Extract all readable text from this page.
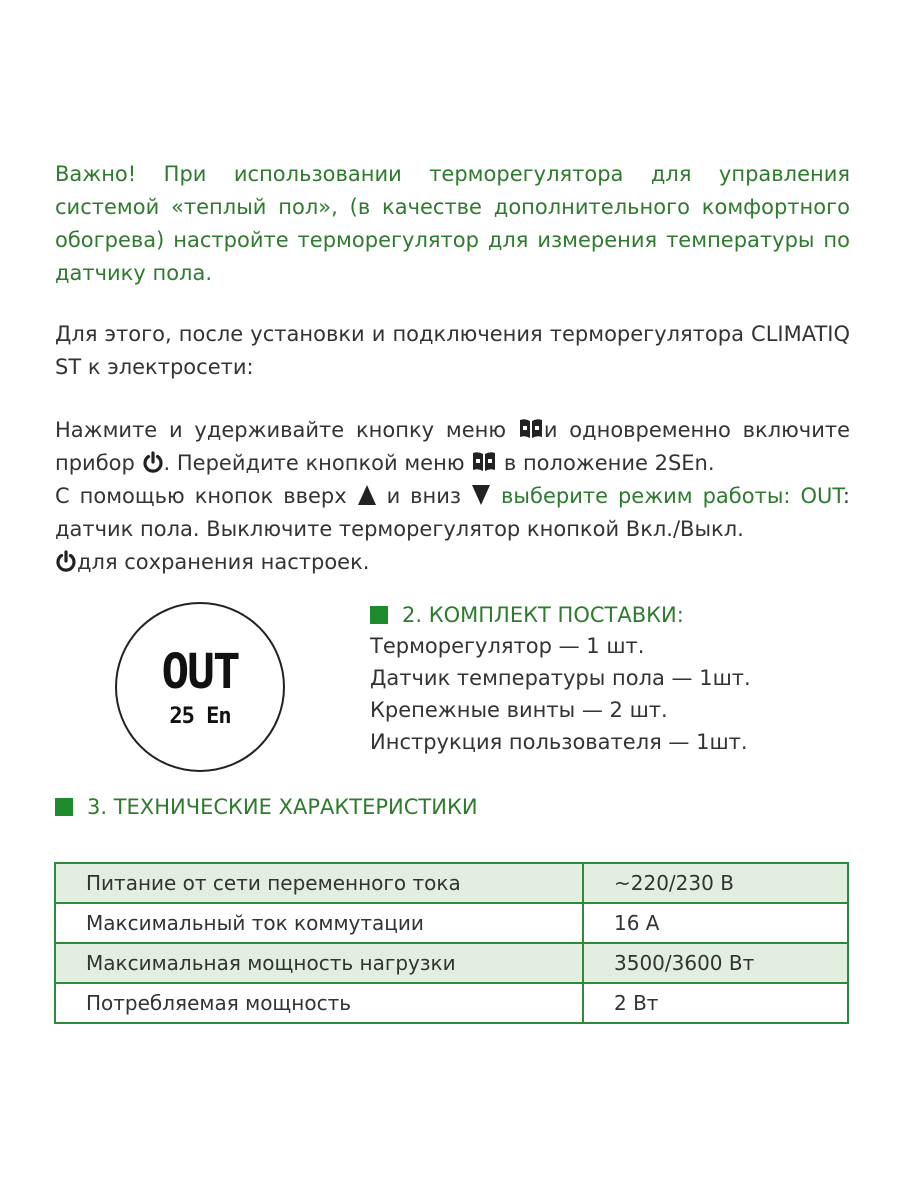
Важно! При использовании терморегулятора для управления системой «теплый пол», (в качестве дополнительного комфортного обогрева) настройте терморегулятор для измерения температуры по датчику пола.

Для этого, после установки и подключения терморегулятора CLIMATIQ ST к электросети:

Нажмите и удерживайте кнопку меню и одновременно включите прибор . Перейдите кнопкой меню в положение 2SEn.
С помощью кнопок вверх и вниз выберите режим работы: OUT: датчик пола. Выключите терморегулятор кнопкой Вкл./Выкл.
для сохранения настроек.

OUT
25 En
2. КОМПЛЕКТ ПОСТАВКИ:
Терморегулятор — 1 шт.
Датчик температуры пола — 1шт.
Крепежные винты — 2 шт.
Инструкция пользователя — 1шт.
3. ТЕХНИЧЕСКИЕ ХАРАКТЕРИСТИКИ
Питание от сети переменного тока	~220/230 В
Максимальный ток коммутации	16 А
Максимальная мощность нагрузки	3500/3600 Вт
Потребляемая мощность	2 Вт
